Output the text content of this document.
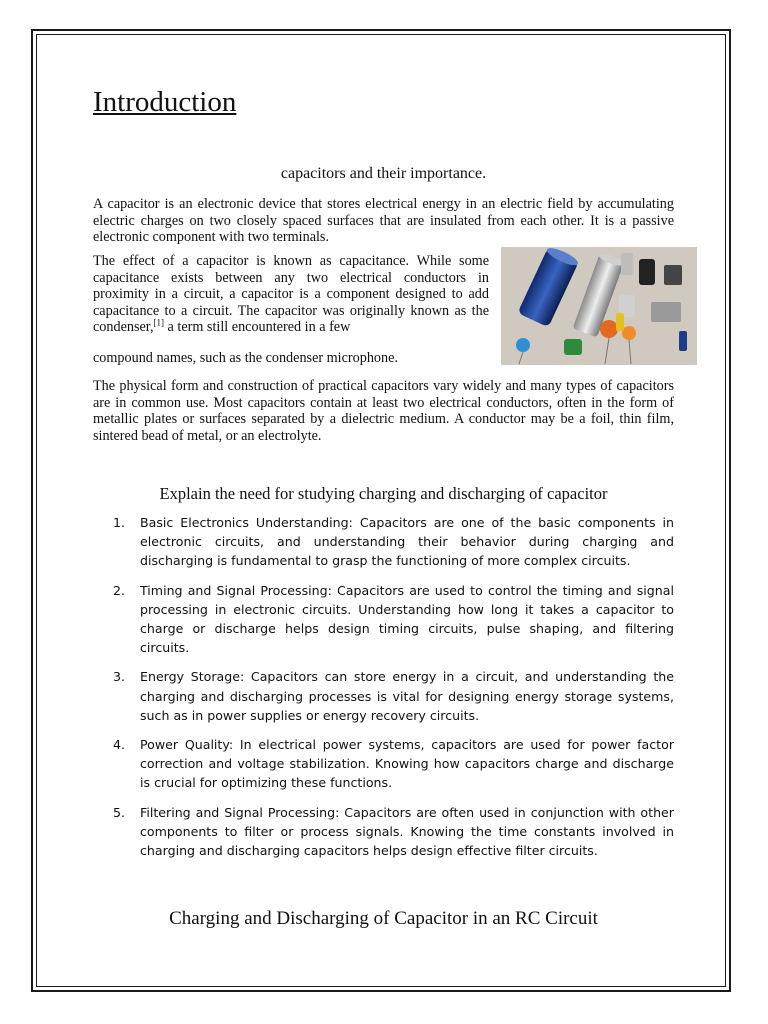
Introduction

capacitors and their importance.

A capacitor is an electronic device that stores electrical energy in an electric field by accumulating electric charges on two closely spaced surfaces that are insulated from each other. It is a passive electronic component with two terminals.

The effect of a capacitor is known as capacitance. While some capacitance exists between any two electrical conductors in proximity in a circuit, a capacitor is a component designed to add capacitance to a circuit. The capacitor was originally known as the condenser,[1] a term still encountered in a few

compound names, such as the condenser microphone.

The physical form and construction of practical capacitors vary widely and many types of capacitors are in common use. Most capacitors contain at least two electrical conductors, often in the form of metallic plates or surfaces separated by a dielectric medium. A conductor may be a foil, thin film, sintered bead of metal, or an electrolyte.

Explain the need for studying charging and discharging of capacitor
1. Basic Electronics Understanding: Capacitors are one of the basic components in electronic circuits, and understanding their behavior during charging and discharging is fundamental to grasp the functioning of more complex circuits.
2. Timing and Signal Processing: Capacitors are used to control the timing and signal processing in electronic circuits. Understanding how long it takes a capacitor to charge or discharge helps design timing circuits, pulse shaping, and filtering circuits.
3. Energy Storage: Capacitors can store energy in a circuit, and understanding the charging and discharging processes is vital for designing energy storage systems, such as in power supplies or energy recovery circuits.
4. Power Quality: In electrical power systems, capacitors are used for power factor correction and voltage stabilization. Knowing how capacitors charge and discharge is crucial for optimizing these functions.
5. Filtering and Signal Processing: Capacitors are often used in conjunction with other components to filter or process signals. Knowing the time constants involved in charging and discharging capacitors helps design effective filter circuits.
Charging and Discharging of Capacitor in an RC Circuit
